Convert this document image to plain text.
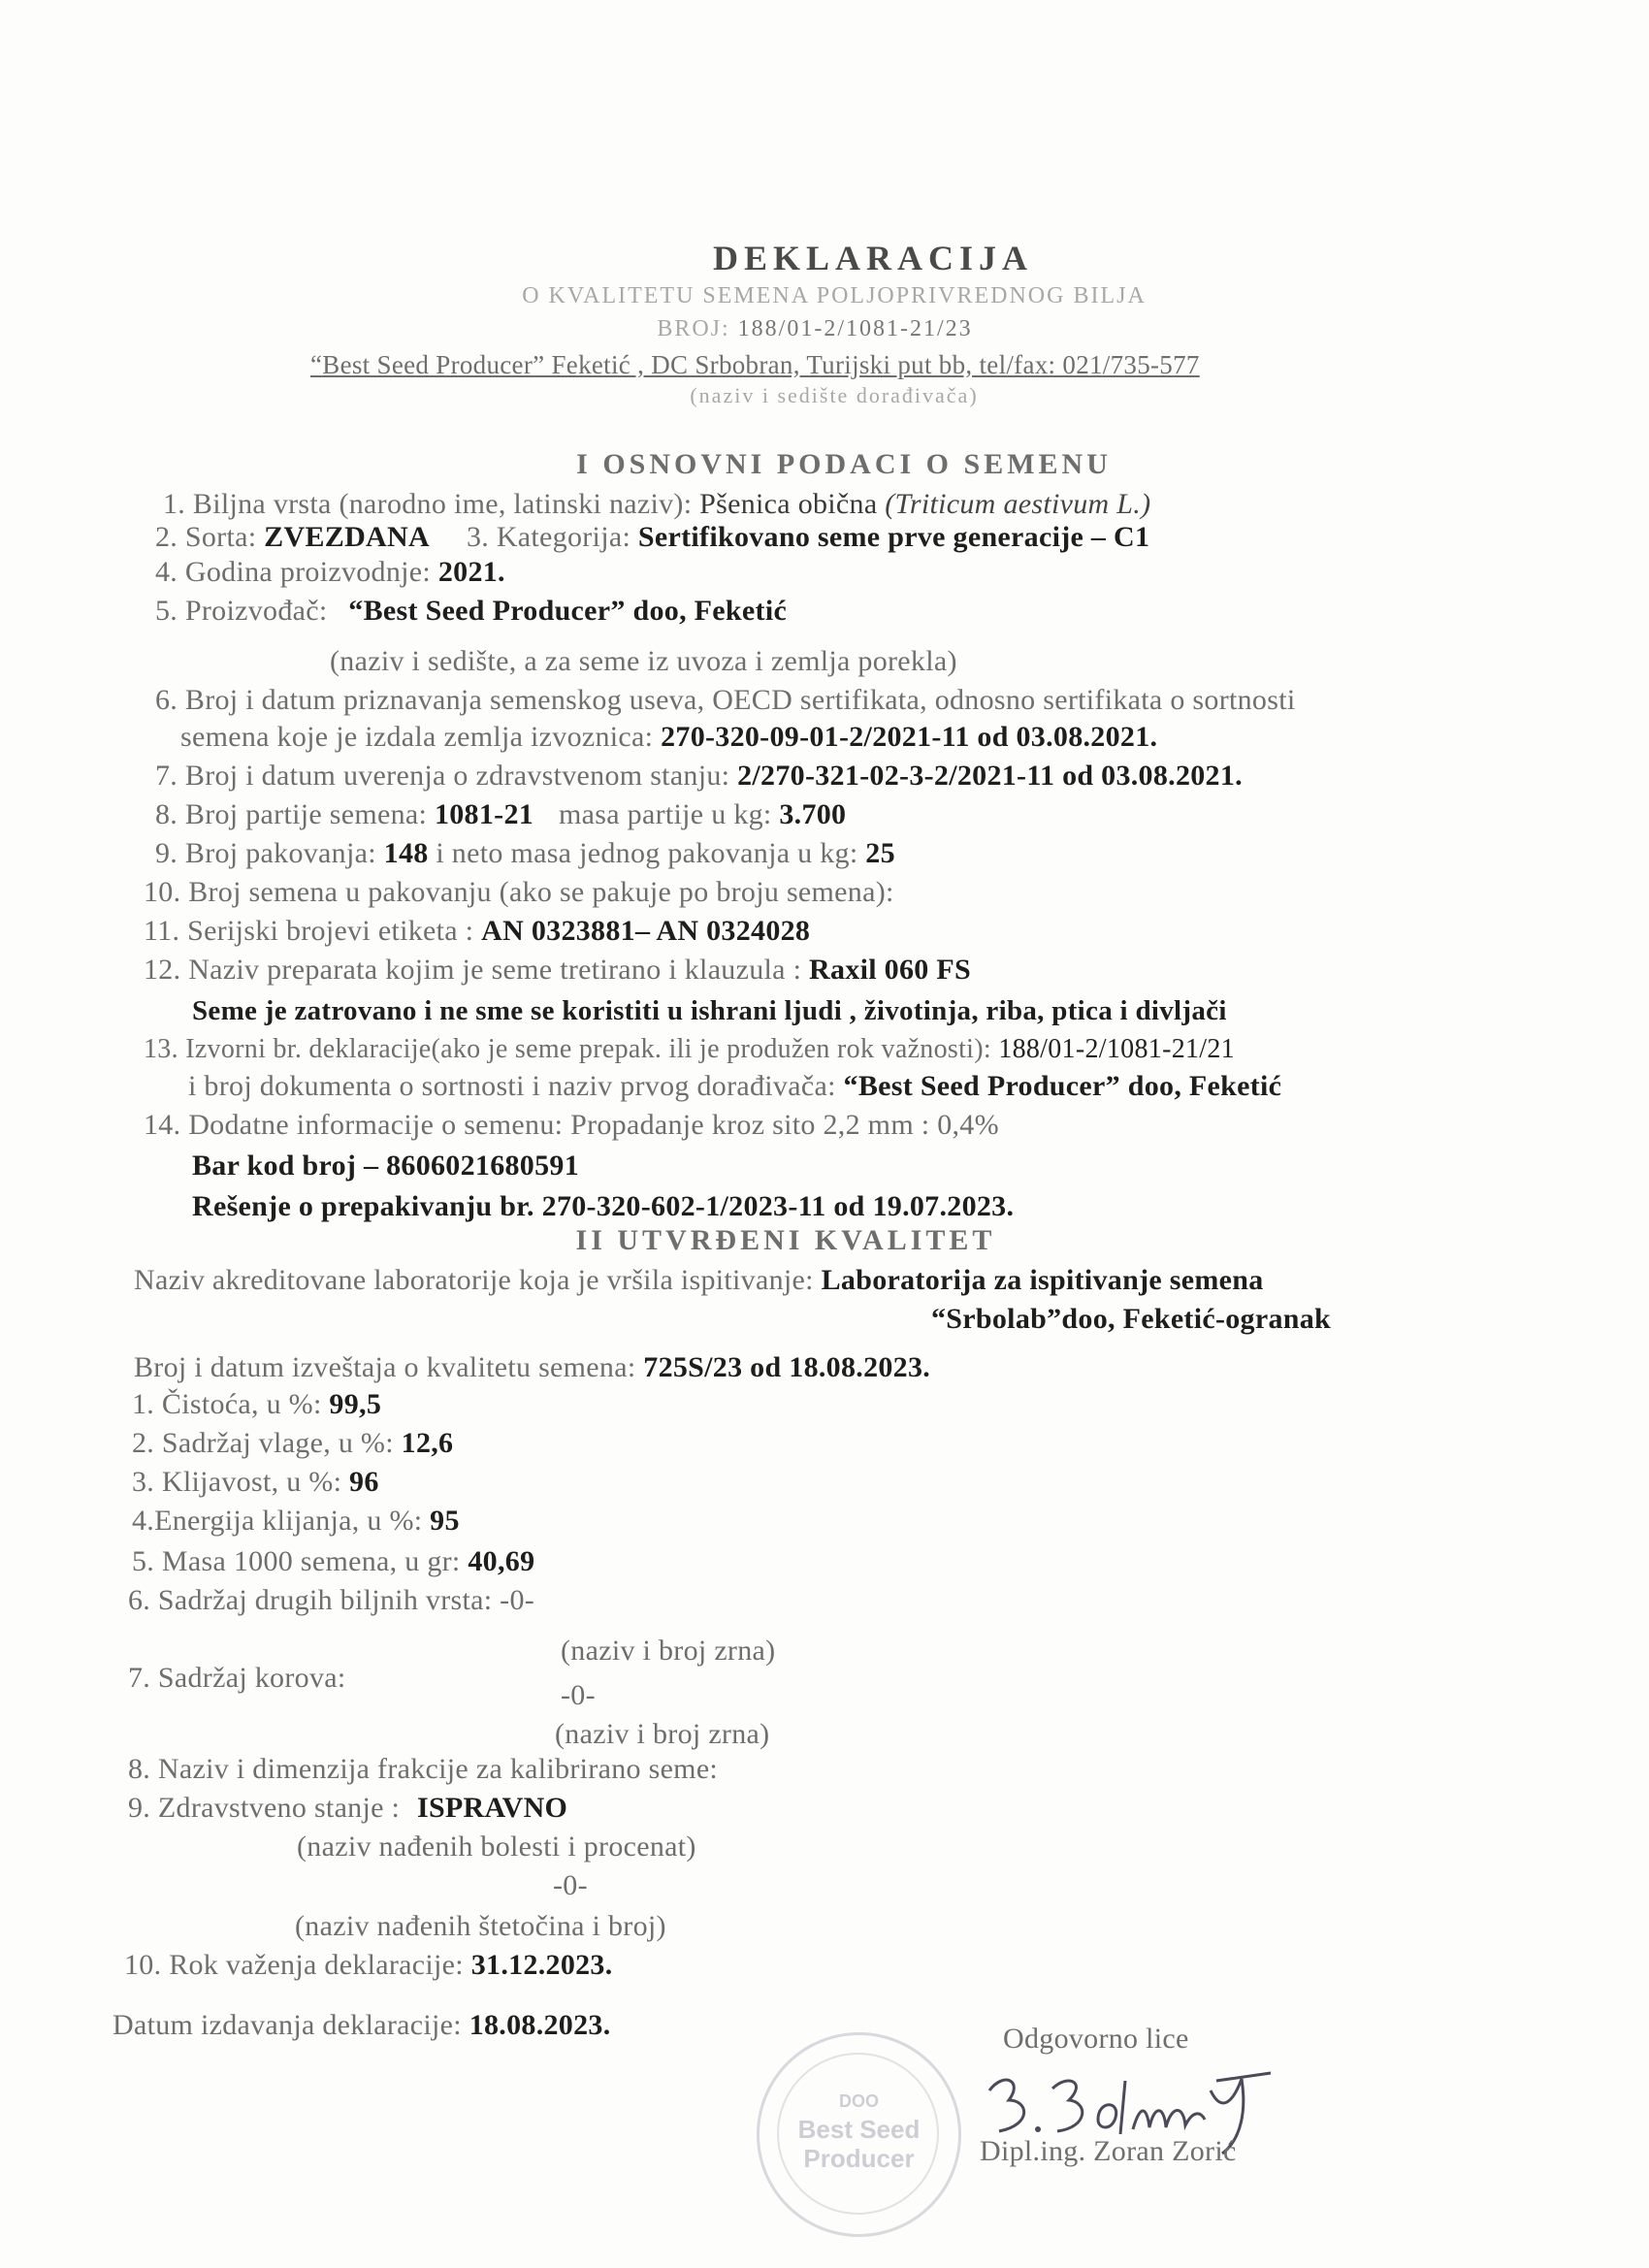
DEKLARACIJA
O KVALITETU SEMENA POLJOPRIVREDNOG BILJA
BROJ: 188/01-2/1081-21/23
“Best Seed Producer” Feketić , DC Srbobran, Turijski put bb, tel/fax: 021/735-577
(naziv i sedište dorađivača)
I OSNOVNI PODACI O SEMENU
1. Biljna vrsta (narodno ime, latinski naziv): Pšenica obična (Triticum aestivum L.)
2. Sorta: ZVEZDANA 3. Kategorija: Sertifikovano seme prve generacije – C1
4. Godina proizvodnje: 2021.
5. Proizvođač: “Best Seed Producer” doo, Feketić
(naziv i sedište, a za seme iz uvoza i zemlja porekla)
6. Broj i datum priznavanja semenskog useva, OECD sertifikata, odnosno sertifikata o sortnosti
semena koje je izdala zemlja izvoznica: 270-320-09-01-2/2021-11 od 03.08.2021.
7. Broj i datum uverenja o zdravstvenom stanju: 2/270-321-02-3-2/2021-11 od 03.08.2021.
8. Broj partije semena: 1081-21 masa partije u kg: 3.700
9. Broj pakovanja: 148 i neto masa jednog pakovanja u kg: 25
10. Broj semena u pakovanju (ako se pakuje po broju semena):
11. Serijski brojevi etiketa : AN 0323881– AN 0324028
12. Naziv preparata kojim je seme tretirano i klauzula : Raxil 060 FS
Seme je zatrovano i ne sme se koristiti u ishrani ljudi , životinja, riba, ptica i divljači
13. Izvorni br. deklaracije(ako je seme prepak. ili je produžen rok važnosti): 188/01-2/1081-21/21
i broj dokumenta o sortnosti i naziv prvog dorađivača: “Best Seed Producer” doo, Feketić
14. Dodatne informacije o semenu: Propadanje kroz sito 2,2 mm : 0,4%
Bar kod broj – 8606021680591
Rešenje o prepakivanju br. 270-320-602-1/2023-11 od 19.07.2023.
II UTVRĐENI KVALITET
Naziv akreditovane laboratorije koja je vršila ispitivanje: Laboratorija za ispitivanje semena
“Srbolab”doo, Feketić-ogranak
Broj i datum izveštaja o kvalitetu semena: 725S/23 od 18.08.2023.
1. Čistoća, u %: 99,5
2. Sadržaj vlage, u %: 12,6
3. Klijavost, u %: 96
4.Energija klijanja, u %: 95
5. Masa 1000 semena, u gr: 40,69
6. Sadržaj drugih biljnih vrsta: -0-
(naziv i broj zrna)
7. Sadržaj korova:
-0-
(naziv i broj zrna)
8. Naziv i dimenzija frakcije za kalibrirano seme:
9. Zdravstveno stanje : ISPRAVNO
(naziv nađenih bolesti i procenat)
-0-
(naziv nađenih štetočina i broj)
10. Rok važenja deklaracije: 31.12.2023.
Datum izdavanja deklaracije: 18.08.2023.	Odgovorno lice
DOO
Best Seed
Producer	Dipl.ing. Zoran Zorić
